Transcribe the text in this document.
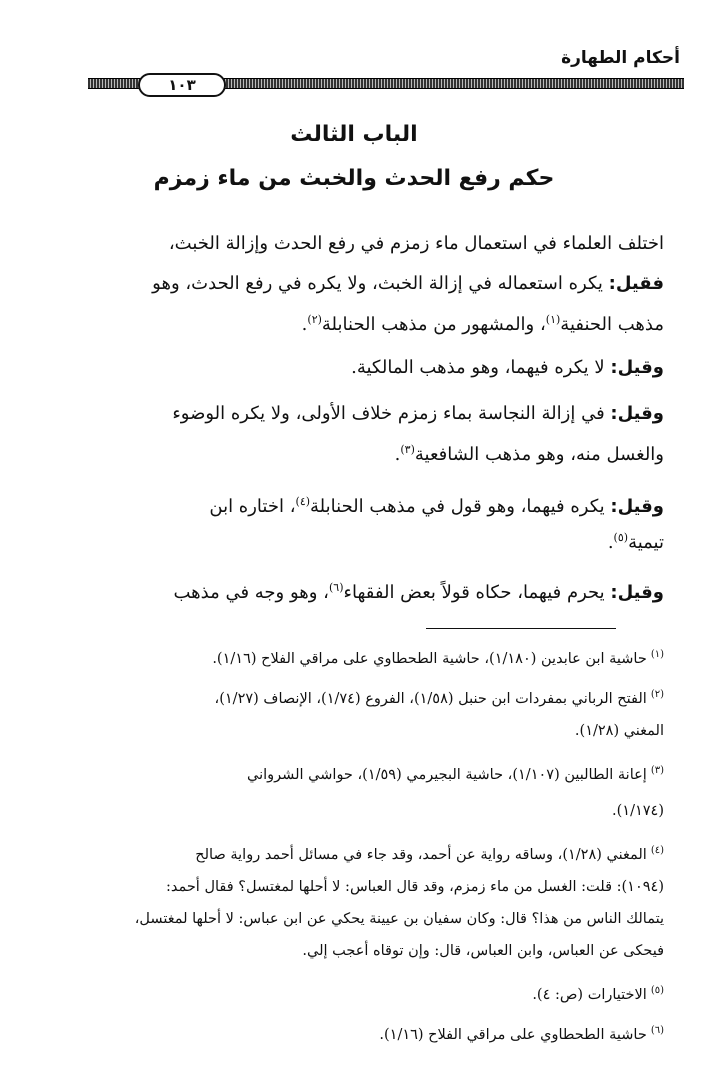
أحكام الطهارة
١٠٣
الباب الثالث
حكم رفع الحدث والخبث من ماء زمزم
اختلف العلماء في استعمال ماء زمزم في رفع الحدث وإزالة الخبث،
فقيل: يكره استعماله في إزالة الخبث، ولا يكره في رفع الحدث، وهو
مذهب الحنفية$^{(١)}$، والمشهور من مذهب الحنابلة$^{(٢)}$.
وقيل: لا يكره فيهما، وهو مذهب المالكية.
وقيل: في إزالة النجاسة بماء زمزم خلاف الأولى، ولا يكره الوضوء
والغسل منه، وهو مذهب الشافعية$^{(٣)}$.
وقيل: يكره فيهما، وهو قول في مذهب الحنابلة$^{(٤)}$، اختاره ابن
تيمية$^{(٥)}$.
وقيل: يحرم فيهما، حكاه قولاً بعض الفقهاء$^{(٦)}$، وهو وجه في مذهب
$^{(١)}$حاشية ابن عابدين (١/١٨٠)، حاشية الطحطاوي على مراقي الفلاح (١/١٦).
$^{(٢)}$الفتح الرباني بمفردات ابن حنبل (١/٥٨)، الفروع (١/٧٤)، الإنصاف (١/٢٧)،
المغني (١/٢٨).
$^{(٣)}$إعانة الطالبين (١/١٠٧)، حاشية البجيرمي (١/٥٩)، حواشي الشرواني
(١/١٧٤).
$^{(٤)}$المغني (١/٢٨)، وساقه رواية عن أحمد، وقد جاء في مسائل أحمد رواية صالح
(١٠٩٤): قلت: الغسل من ماء زمزم، وقد قال العباس: لا أحلها لمغتسل؟ فقال أحمد:
يتمالك الناس من هذا؟ قال: وكان سفيان بن عيينة يحكي عن ابن عباس: لا أحلها لمغتسل،
فيحكى عن العباس، وابن العباس، قال: وإن توقاه أعجب إلي.
$^{(٥)}$الاختيارات (ص: ٤).
$^{(٦)}$حاشية الطحطاوي على مراقي الفلاح (١/١٦).
